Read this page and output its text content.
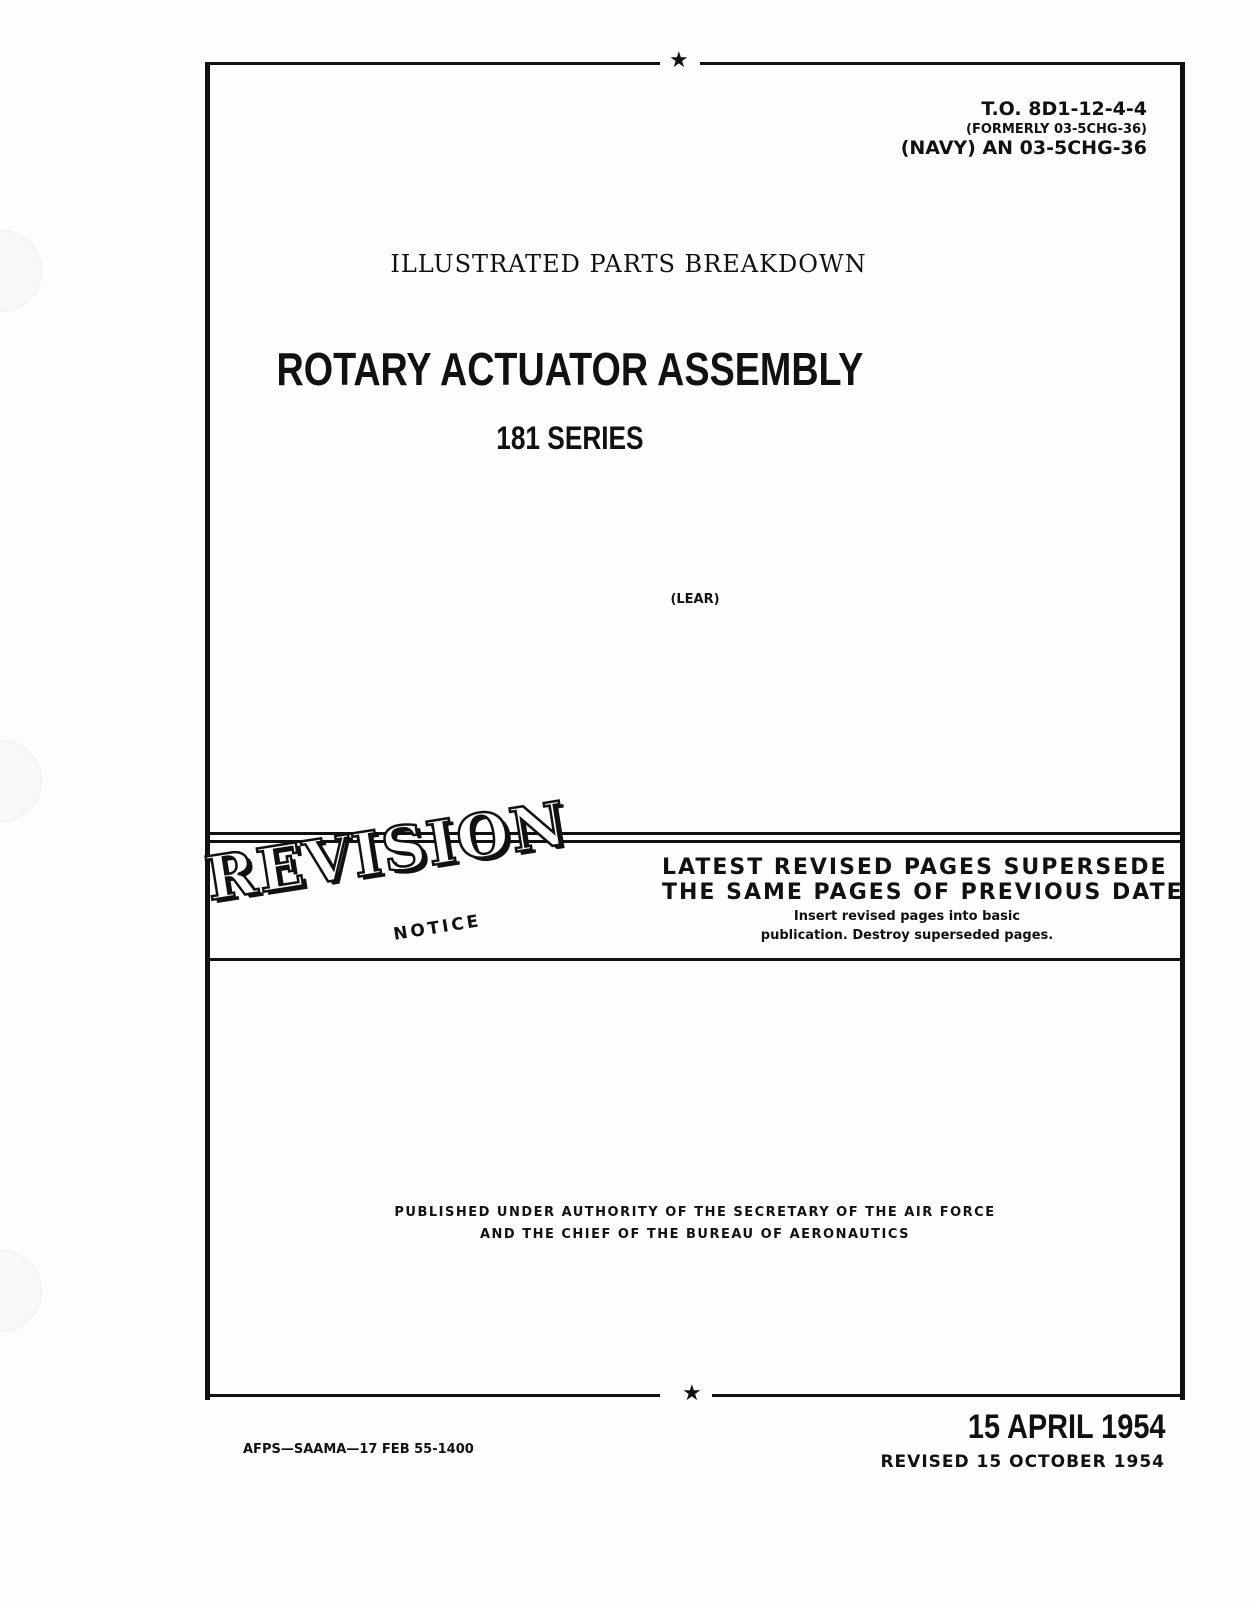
★
T.O. 8D1-12-4-4
(FORMERLY 03-5CHG-36)
(NAVY) AN 03-5CHG-36
ILLUSTRATED PARTS BREAKDOWN
ROTARY ACTUATOR ASSEMBLY
181 SERIES
(LEAR)
REVISION
NOTICE
LATEST REVISED PAGES SUPERSEDE
THE SAME PAGES OF PREVIOUS DATE
Insert revised pages into basic
publication. Destroy superseded pages.
PUBLISHED UNDER AUTHORITY OF THE SECRETARY OF THE AIR FORCE
AND THE CHIEF OF THE BUREAU OF AERONAUTICS
★
AFPS—SAAMA—17 FEB 55-1400
15 APRIL 1954
REVISED 15 OCTOBER 1954
